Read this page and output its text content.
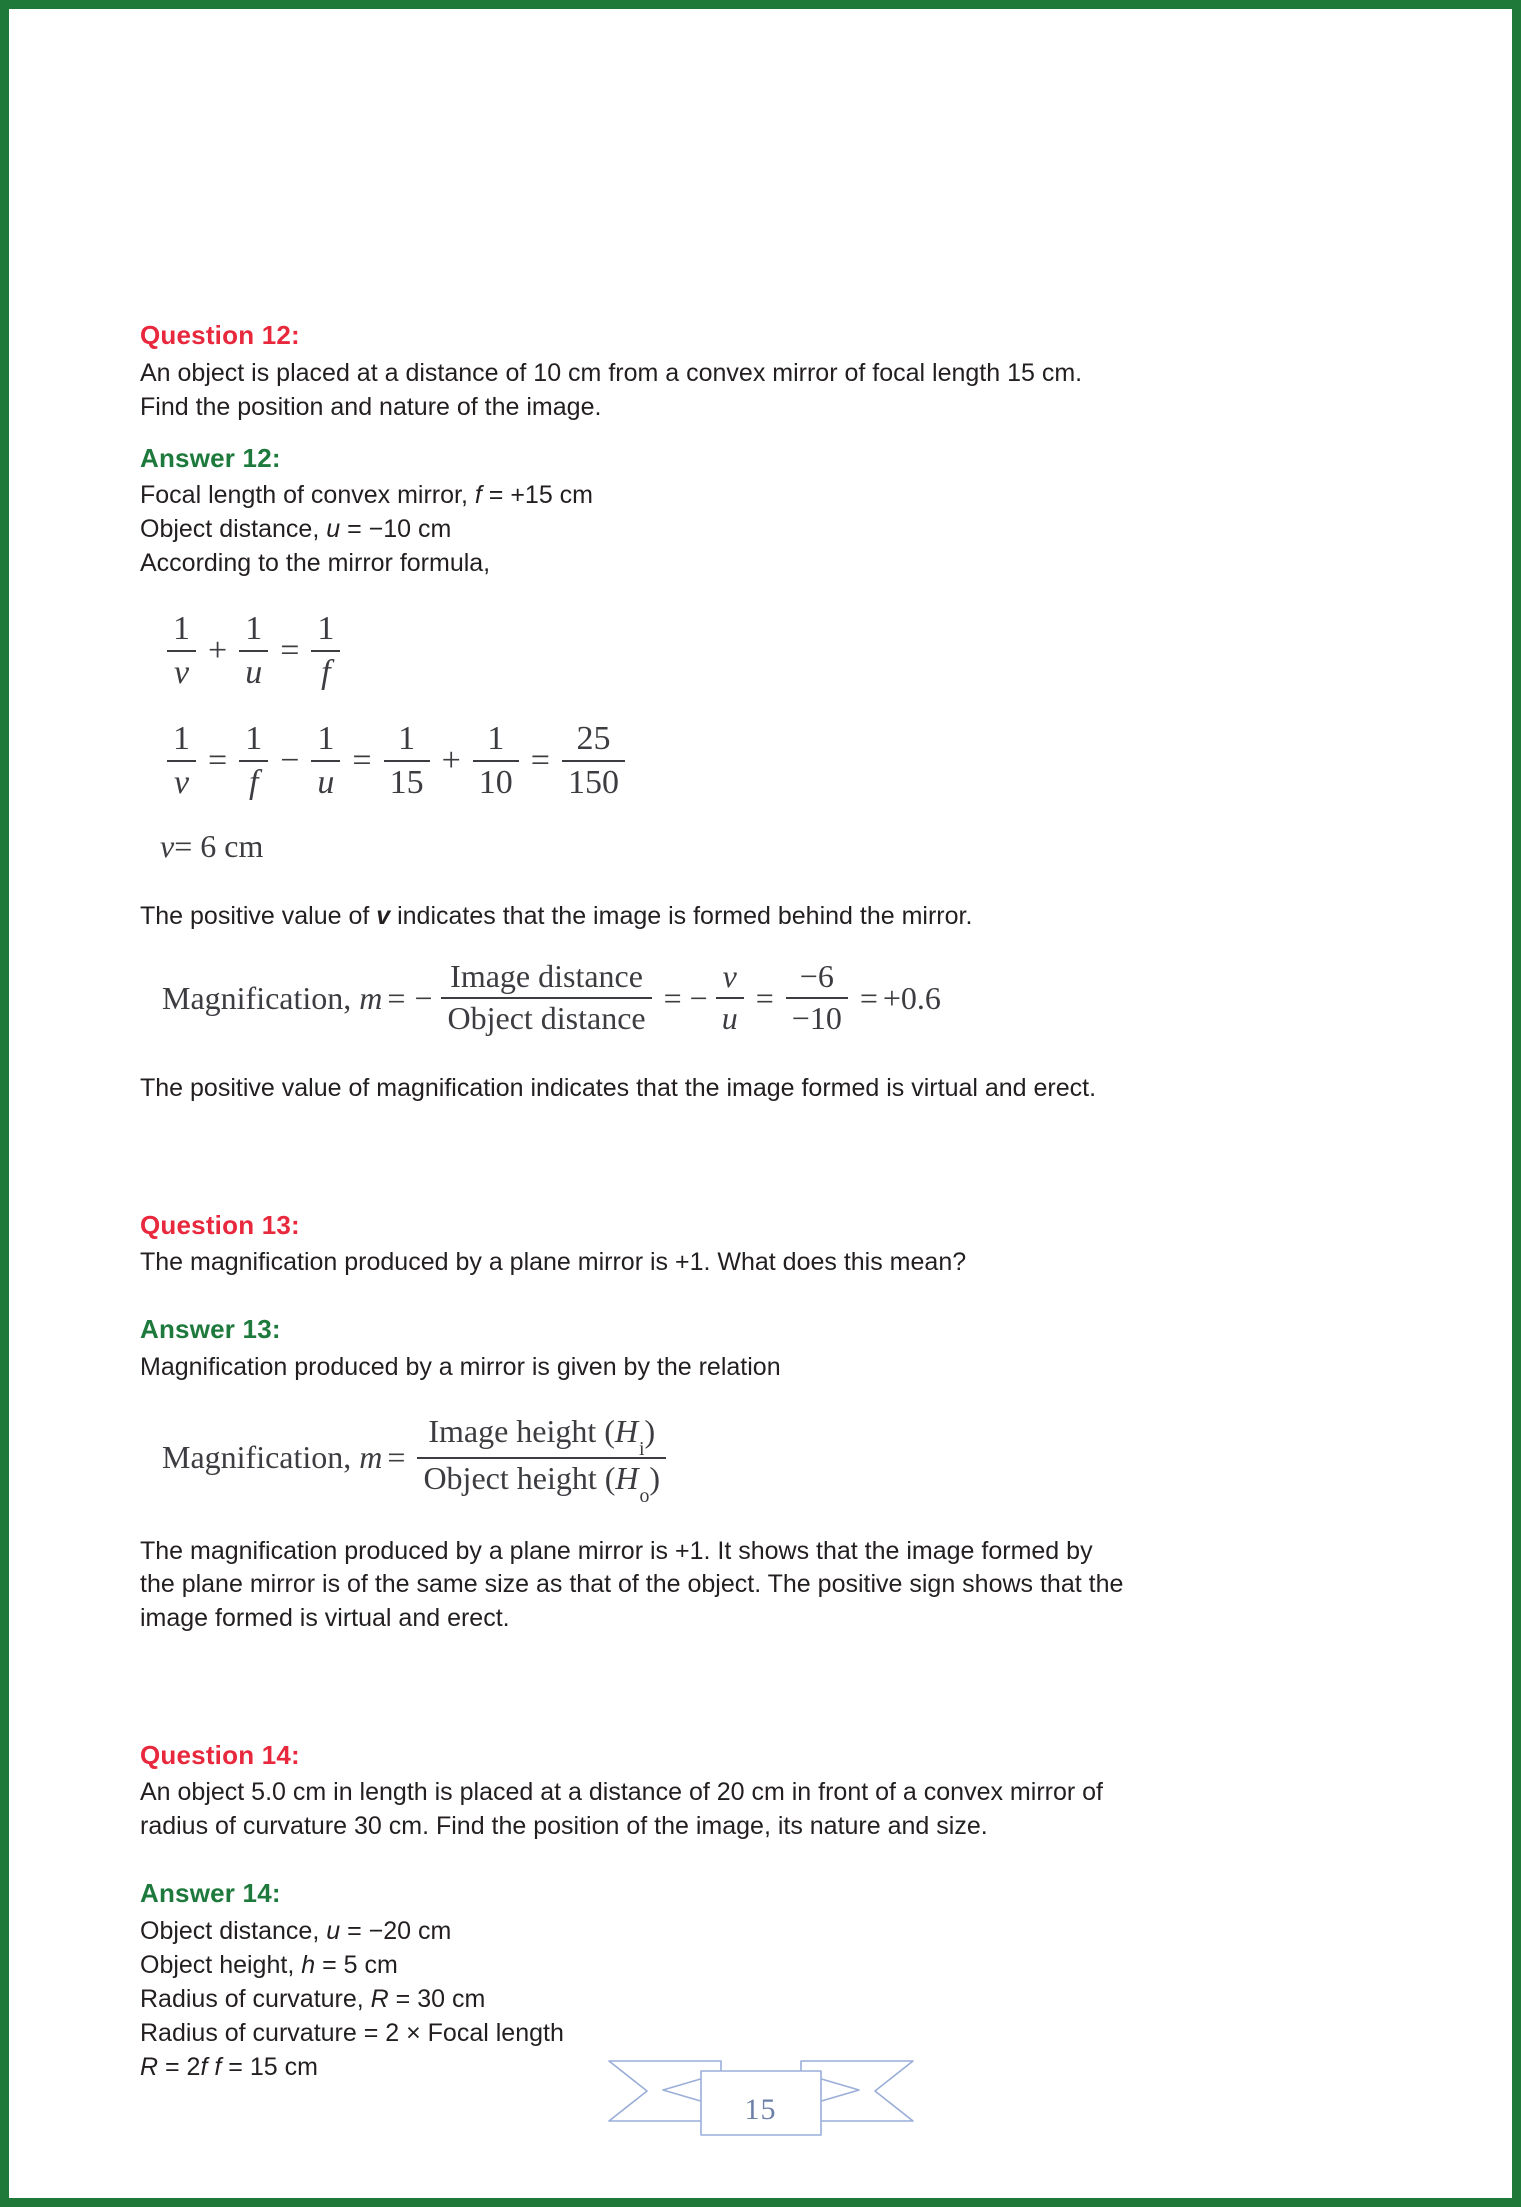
Question 12:

An object is placed at a distance of 10 cm from a convex mirror of focal length 15 cm.

Find the position and nature of the image.

Answer 12:

Focal length of convex mirror, f = +15 cm

Object distance, u = −10 cm

According to the mirror formula,

$\frac{1}{v} + \frac{1}{u} = \frac{1}{f}$
$\frac{1}{v} = \frac{1}{f} - \frac{1}{u} = \frac{1}{15} + \frac{1}{10} = \frac{25}{150}$
v = 6 cm

The positive value of v indicates that the image is formed behind the mirror.

Magnification, m = − $\frac{\text{Image distance}}{\text{Object distance}}$ = − $\frac{v}{u} = \frac{-6}{-10} = +0.6$

The positive value of magnification indicates that the image formed is virtual and erect.

Question 13:

The magnification produced by a plane mirror is +1. What does this mean?

Answer 13:

Magnification produced by a mirror is given by the relation

Magnification, $m = \frac{Image height (H_i)}{Object height (H_o)}$

The magnification produced by a plane mirror is +1. It shows that the image formed by

the plane mirror is of the same size as that of the object. The positive sign shows that the

image formed is virtual and erect.

Question 14:

An object 5.0 cm in length is placed at a distance of 20 cm in front of a convex mirror of

radius of curvature 30 cm. Find the position of the image, its nature and size.

Answer 14:

Object distance, u = −20 cm

Object height, h = 5 cm

Radius of curvature, R = 30 cm

Radius of curvature = 2 × Focal length

R = 2f f = 15 cm

15
